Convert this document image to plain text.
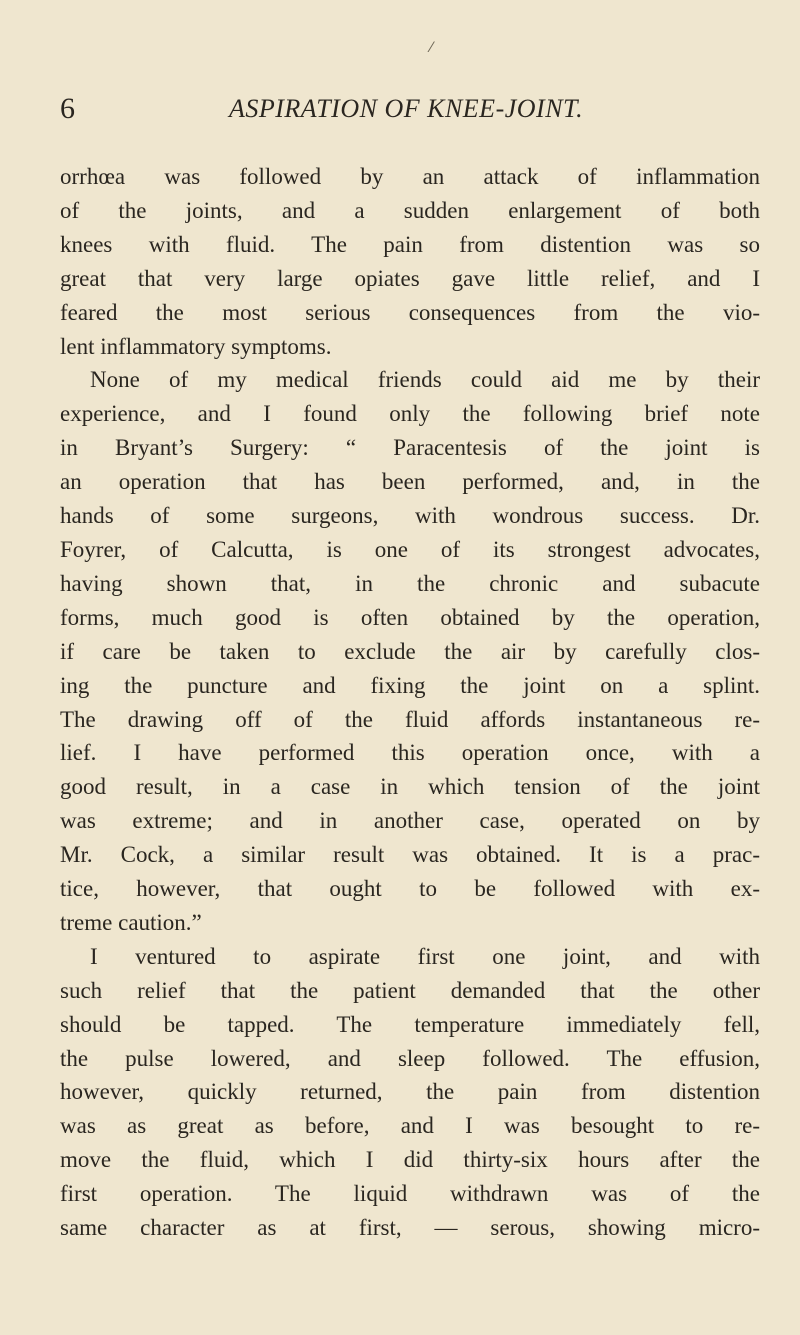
⁄
6	ASPIRATION OF KNEE-JOINT.
orrhœa was followed by an attack of inflammation
of the joints, and a sudden enlargement of both
knees with fluid. The pain from distention was so
great that very large opiates gave little relief, and I
feared the most serious consequences from the vio-
lent inflammatory symptoms.
None of my medical friends could aid me by their
experience, and I found only the following brief note
in Bryant’s Surgery: “ Paracentesis of the joint is
an operation that has been performed, and, in the
hands of some surgeons, with wondrous success. Dr.
Foyrer, of Calcutta, is one of its strongest advocates,
having shown that, in the chronic and subacute
forms, much good is often obtained by the operation,
if care be taken to exclude the air by carefully clos-
ing the puncture and fixing the joint on a splint.
The drawing off of the fluid affords instantaneous re-
lief. I have performed this operation once, with a
good result, in a case in which tension of the joint
was extreme; and in another case, operated on by
Mr. Cock, a similar result was obtained. It is a prac-
tice, however, that ought to be followed with ex-
treme caution.”
I ventured to aspirate first one joint, and with
such relief that the patient demanded that the other
should be tapped. The temperature immediately fell,
the pulse lowered, and sleep followed. The effusion,
however, quickly returned, the pain from distention
was as great as before, and I was besought to re-
move the fluid, which I did thirty-six hours after the
first operation. The liquid withdrawn was of the
same character as at first, — serous, showing micro-
